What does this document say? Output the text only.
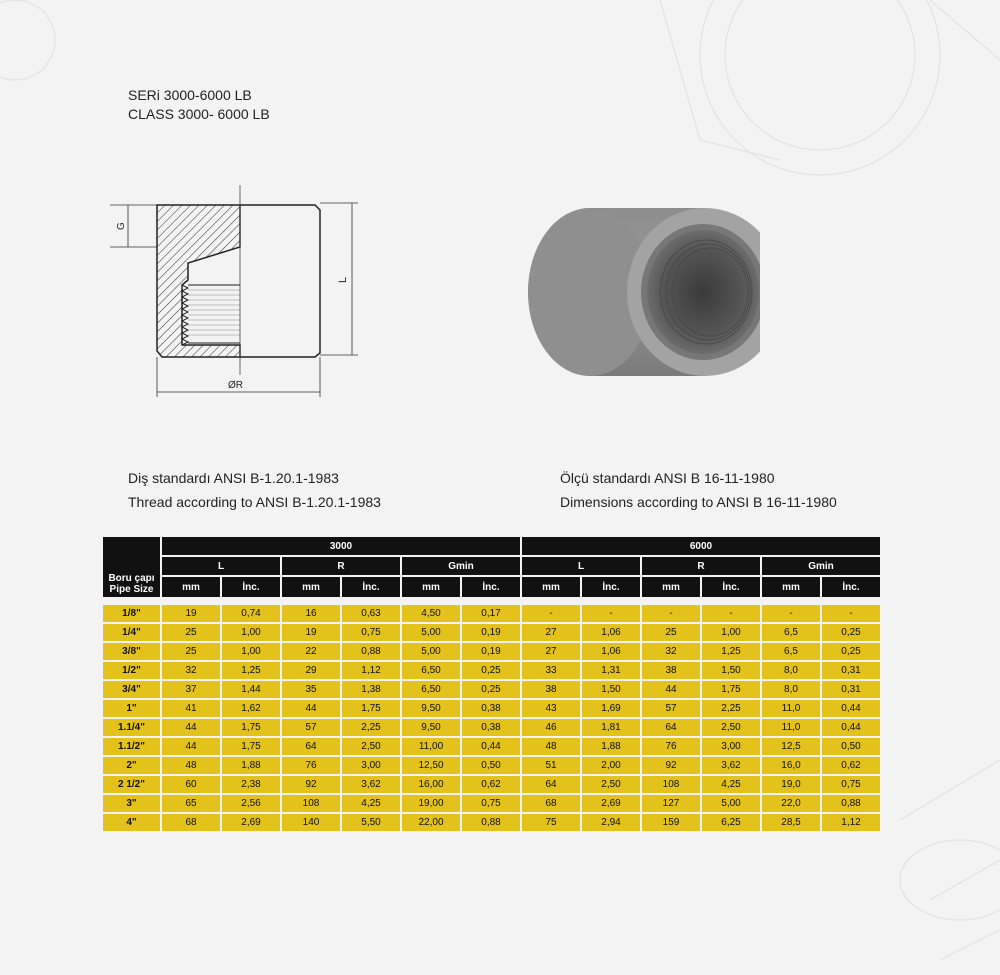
SERi 3000-6000 LB
CLASS 3000- 6000 LB
G
L
ØR
Diş standardı ANSI B-1.20.1-1983
Thread according to ANSI B-1.20.1-1983
Ölçü standardı ANSI B 16-11-1980
Dimensions according to ANSI B 16-11-1980
Boru çapı
Pipe Size	3000						6000					
	L		R		Gmin		L		R		Gmin	
	mm	İnc.	mm	İnc.	mm	İnc.	mm	İnc.	mm	İnc.	mm	İnc.

1/8"	19	0,74	16	0,63	4,50	0,17	-	-	-	-	-	-
1/4"	25	1,00	19	0,75	5,00	0,19	27	1,06	25	1,00	6,5	0,25
3/8"	25	1,00	22	0,88	5,00	0,19	27	1,06	32	1,25	6,5	0,25
1/2"	32	1,25	29	1,12	6,50	0,25	33	1,31	38	1,50	8,0	0,31
3/4"	37	1,44	35	1,38	6,50	0,25	38	1,50	44	1,75	8,0	0,31
1"	41	1,62	44	1,75	9,50	0,38	43	1,69	57	2,25	11,0	0,44
1.1/4"	44	1,75	57	2,25	9,50	0,38	46	1,81	64	2,50	11,0	0,44
1.1/2"	44	1,75	64	2,50	11,00	0,44	48	1,88	76	3,00	12,5	0,50
2"	48	1,88	76	3,00	12,50	0,50	51	2,00	92	3,62	16,0	0,62
2 1/2"	60	2,38	92	3,62	16,00	0,62	64	2,50	108	4,25	19,0	0,75
3"	65	2,56	108	4,25	19,00	0,75	68	2,69	127	5,00	22,0	0,88
4"	68	2,69	140	5,50	22,00	0,88	75	2,94	159	6,25	28,5	1,12
